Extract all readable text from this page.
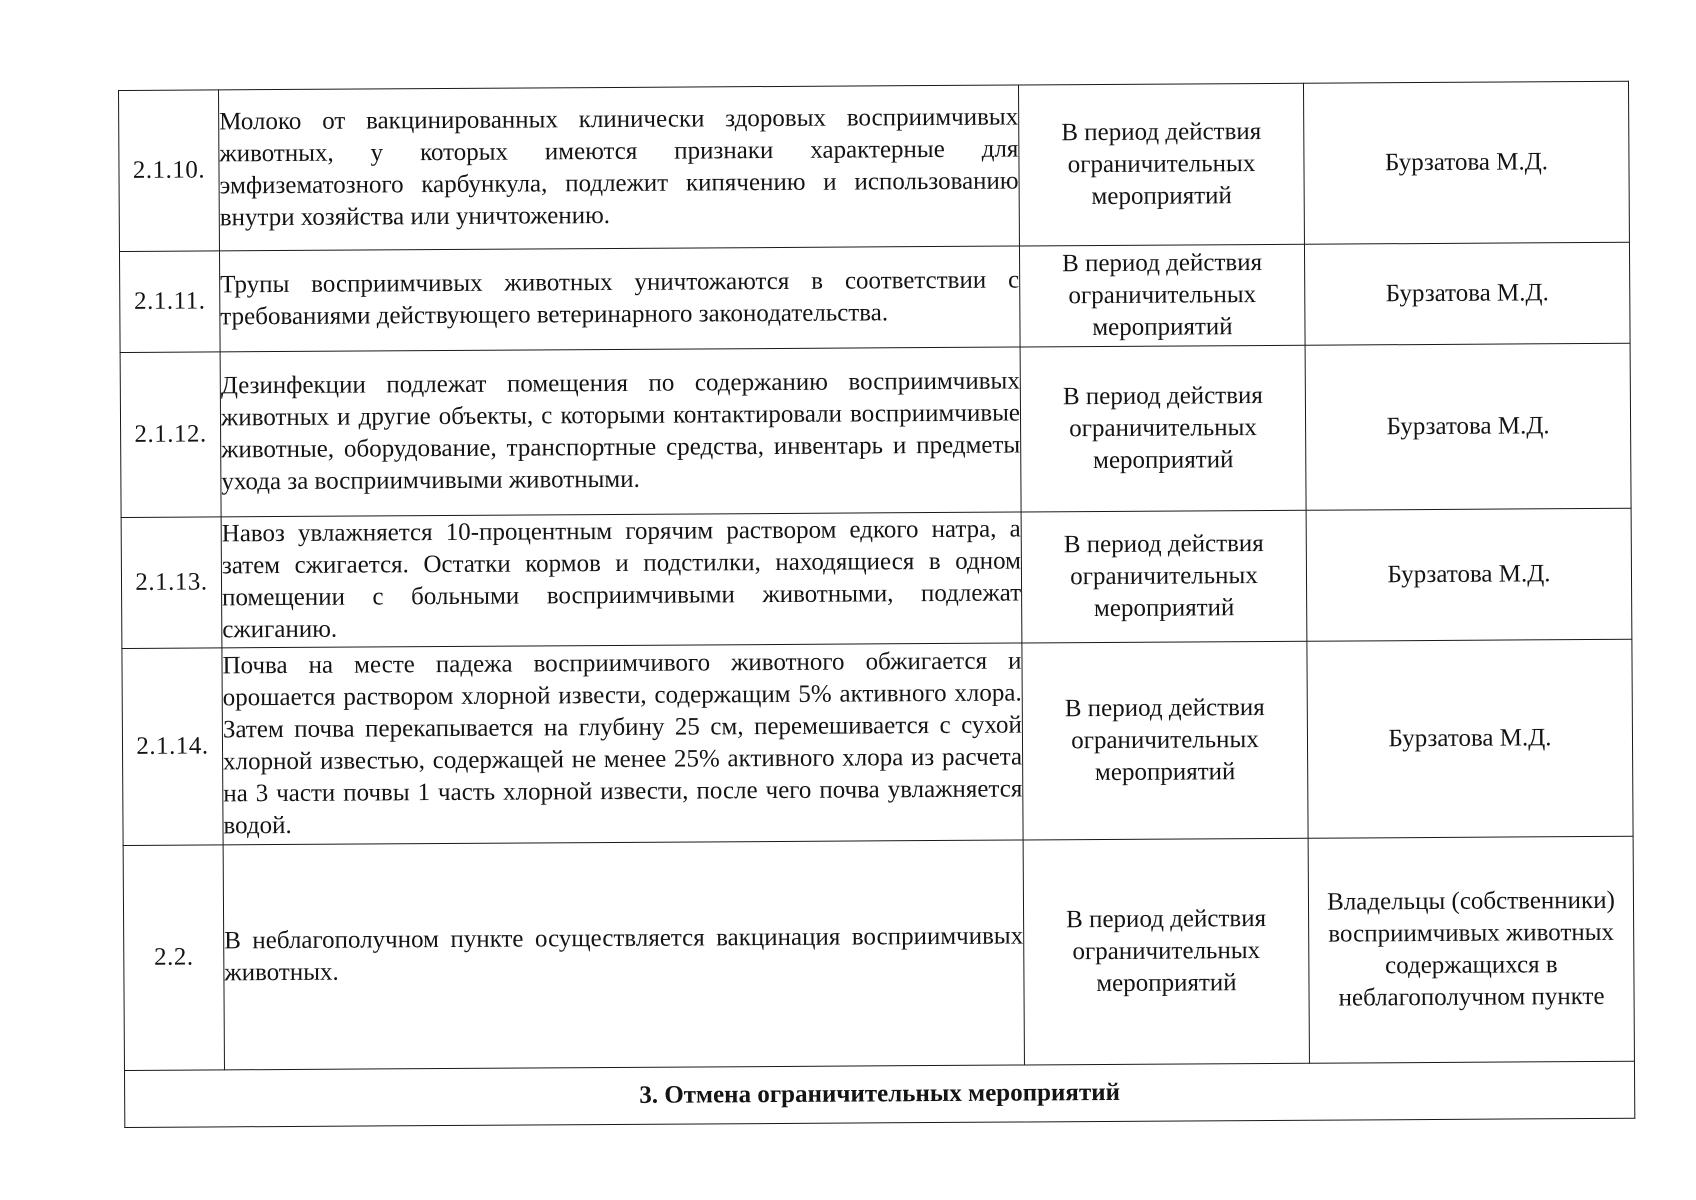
2.1.10.	Молоко от вакцинированных клинически здоровых восприимчивых животных, у которых имеются признаки характерные для эмфизематозного карбункула, подлежит кипячению и использованию внутри хозяйства или уничтожению.	В период действия ограничительных мероприятий	Бурзатова М.Д.
2.1.11.	Трупы восприимчивых животных уничтожаются в соответствии с требованиями действующего ветеринарного законодательства.	В период действия ограничительных мероприятий	Бурзатова М.Д.
2.1.12.	Дезинфекции подлежат помещения по содержанию восприимчивых животных и другие объекты, с которыми контактировали восприимчивые животные, оборудование, транспортные средства, инвентарь и предметы ухода за восприимчивыми животными.	В период действия ограничительных мероприятий	Бурзатова М.Д.
2.1.13.	Навоз увлажняется 10-процентным горячим раствором едкого натра, а затем сжигается. Остатки кормов и подстилки, находящиеся в одном помещении с больными восприимчивыми животными, подлежат сжиганию.	В период действия ограничительных мероприятий	Бурзатова М.Д.
2.1.14.	Почва на месте падежа восприимчивого животного обжигается и орошается раствором хлорной извести, содержащим 5% активного хлора. Затем почва перекапывается на глубину 25 см, перемешивается с сухой хлорной известью, содержащей не менее 25% активного хлора из расчета на 3 части почвы 1 часть хлорной извести, после чего почва увлажняется водой.	В период действия ограничительных мероприятий	Бурзатова М.Д.
2.2.	В неблагополучном пункте осуществляется вакцинация восприимчивых животных.	В период действия ограничительных мероприятий	Владельцы (собственники) восприимчивых животных содержащихся в неблагополучном пункте
3. Отмена ограничительных мероприятий			
